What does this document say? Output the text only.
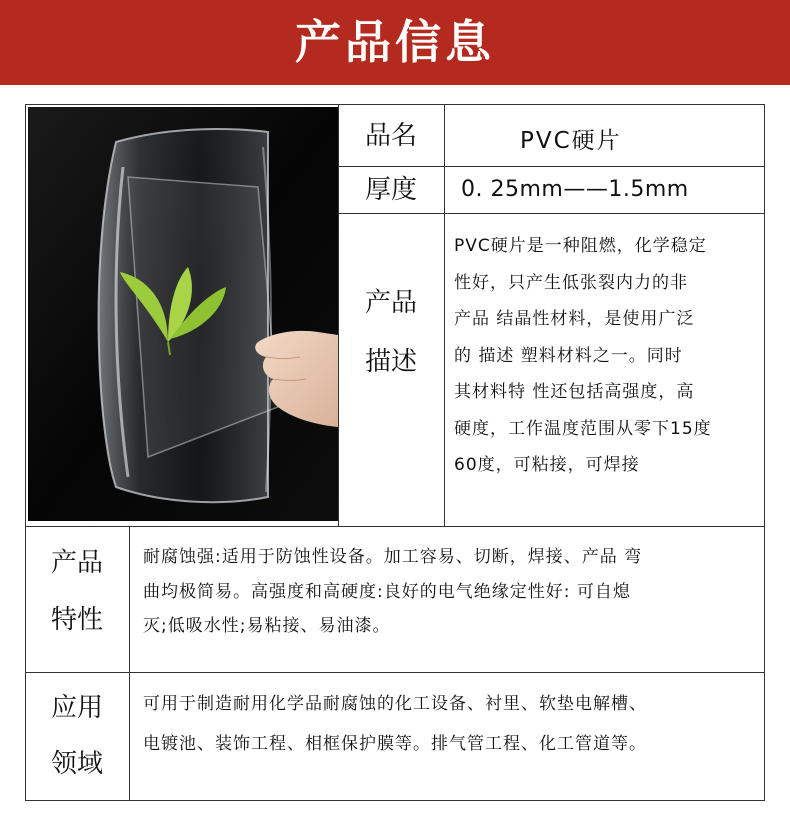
产品信息
品名	PVC硬片
厚度	0. 25mm——1.5mm
产品
描述
PVC硬片是一种阻燃，化学稳定
性好，只产生低张裂内力的非
产品 结晶性材料，是使用广泛
的 描述 塑料材料之一。同时
其材料特 性还包括高强度，高
硬度，工作温度范围从零下15度
60度，可粘接，可焊接
产品
特性
耐腐蚀强:适用于防蚀性设备。加工容易、切断，焊接、产品 弯
曲均极简易。高强度和高硬度:良好的电气绝缘定性好: 可自熄
灭;低吸水性;易粘接、易油漆。
应用
领域
可用于制造耐用化学品耐腐蚀的化工设备、衬里、软垫电解槽、
电镀池、装饰工程、相框保护膜等。排气管工程、化工管道等。
